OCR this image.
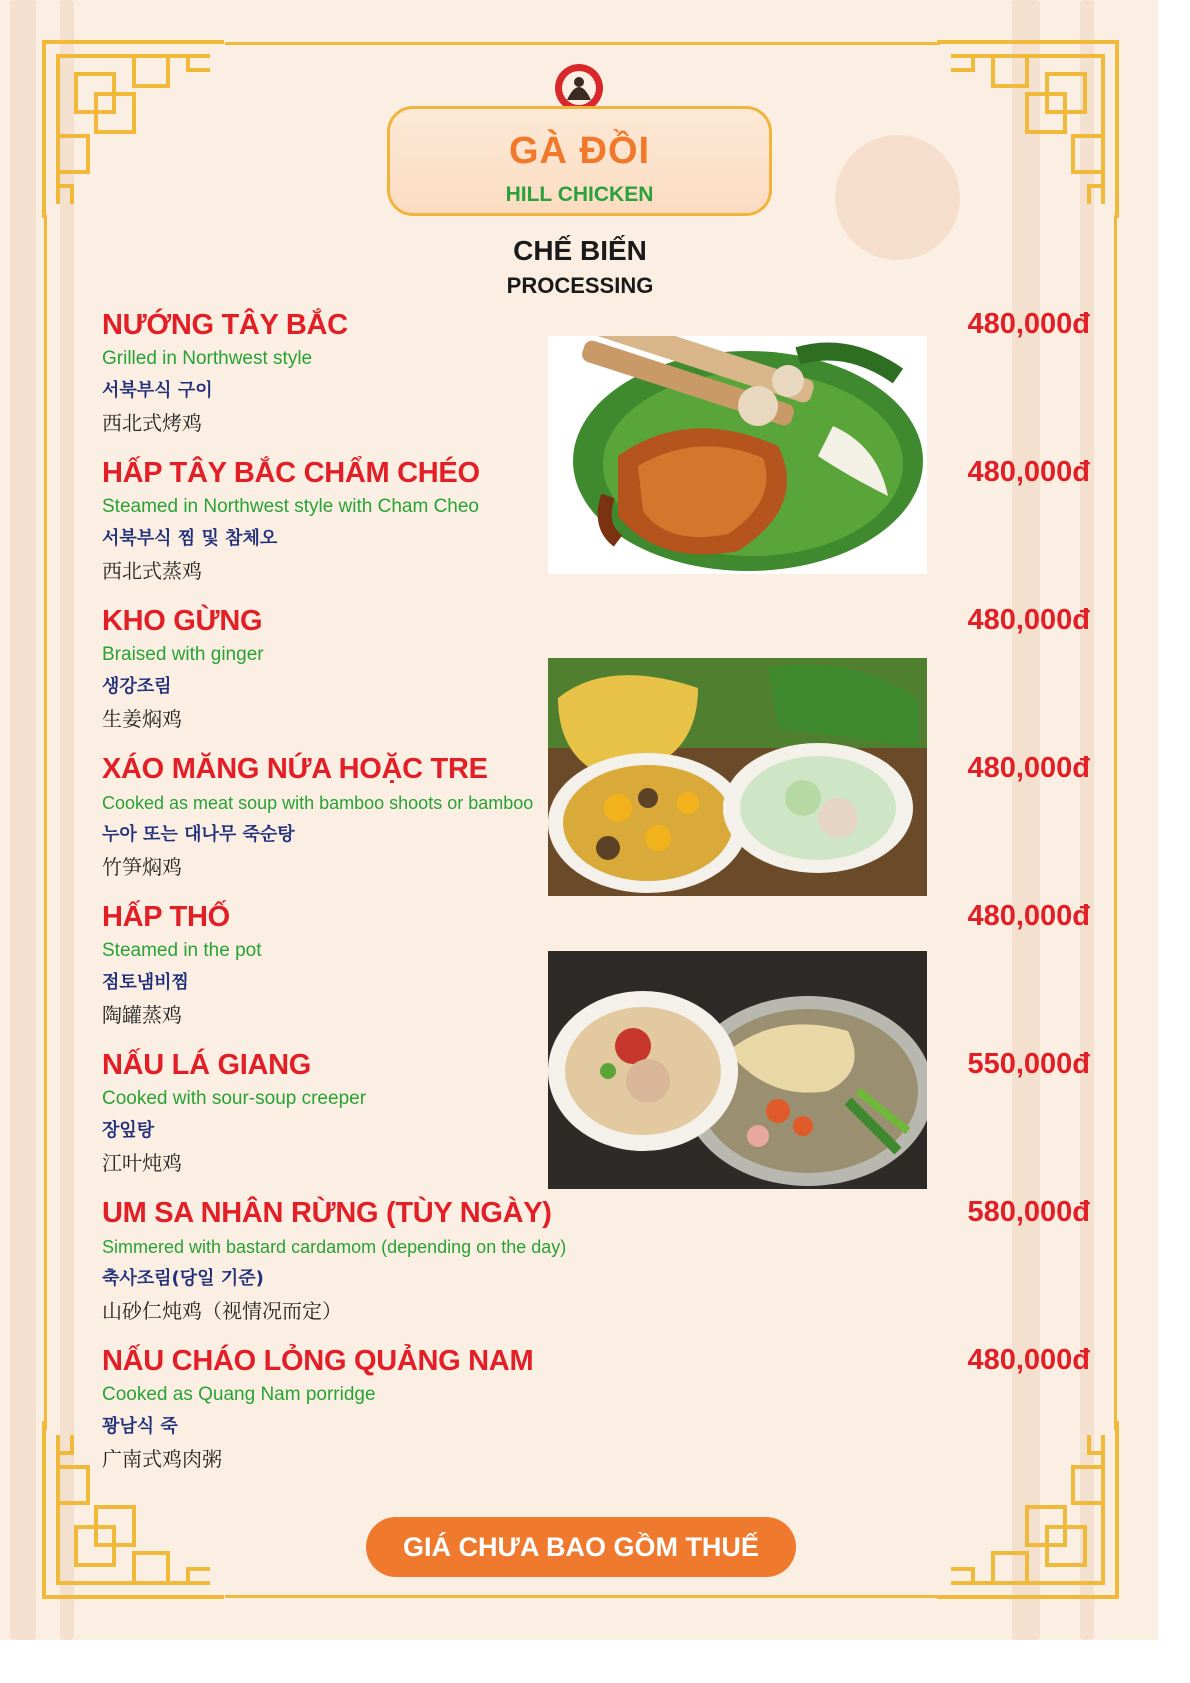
GÀ ĐỒI
HILL CHICKEN
CHẾ BIẾN
PROCESSING
NƯỚNG TÂY BẮC
Grilled in Northwest style
서북부식 구이
西北式烤鸡
480,000đ
HẤP TÂY BẮC CHẨM CHÉO
Steamed in Northwest style with Cham Cheo
서북부식 찜 및 참체오
西北式蒸鸡
480,000đ
KHO GỪNG
Braised with ginger
생강조림
生姜焖鸡
480,000đ
XÁO MĂNG NỨA HOẶC TRE
Cooked as meat soup with bamboo shoots or bamboo
누아 또는 대나무 죽순탕
竹笋焖鸡
480,000đ
HẤP THỐ
Steamed in the pot
점토냄비찜
陶罐蒸鸡
480,000đ
NẤU LÁ GIANG
Cooked with sour-soup creeper
장잎탕
江叶炖鸡
550,000đ
UM SA NHÂN RỪNG (TÙY NGÀY)
Simmered with bastard cardamom (depending on the day)
축사조림(당일 기준)
山砂仁炖鸡（视情况而定）
580,000đ
NẤU CHÁO LỎNG QUẢNG NAM
Cooked as Quang Nam porridge
꽝남식 죽
广南式鸡肉粥
480,000đ
GIÁ CHƯA BAO GỒM THUẾ
